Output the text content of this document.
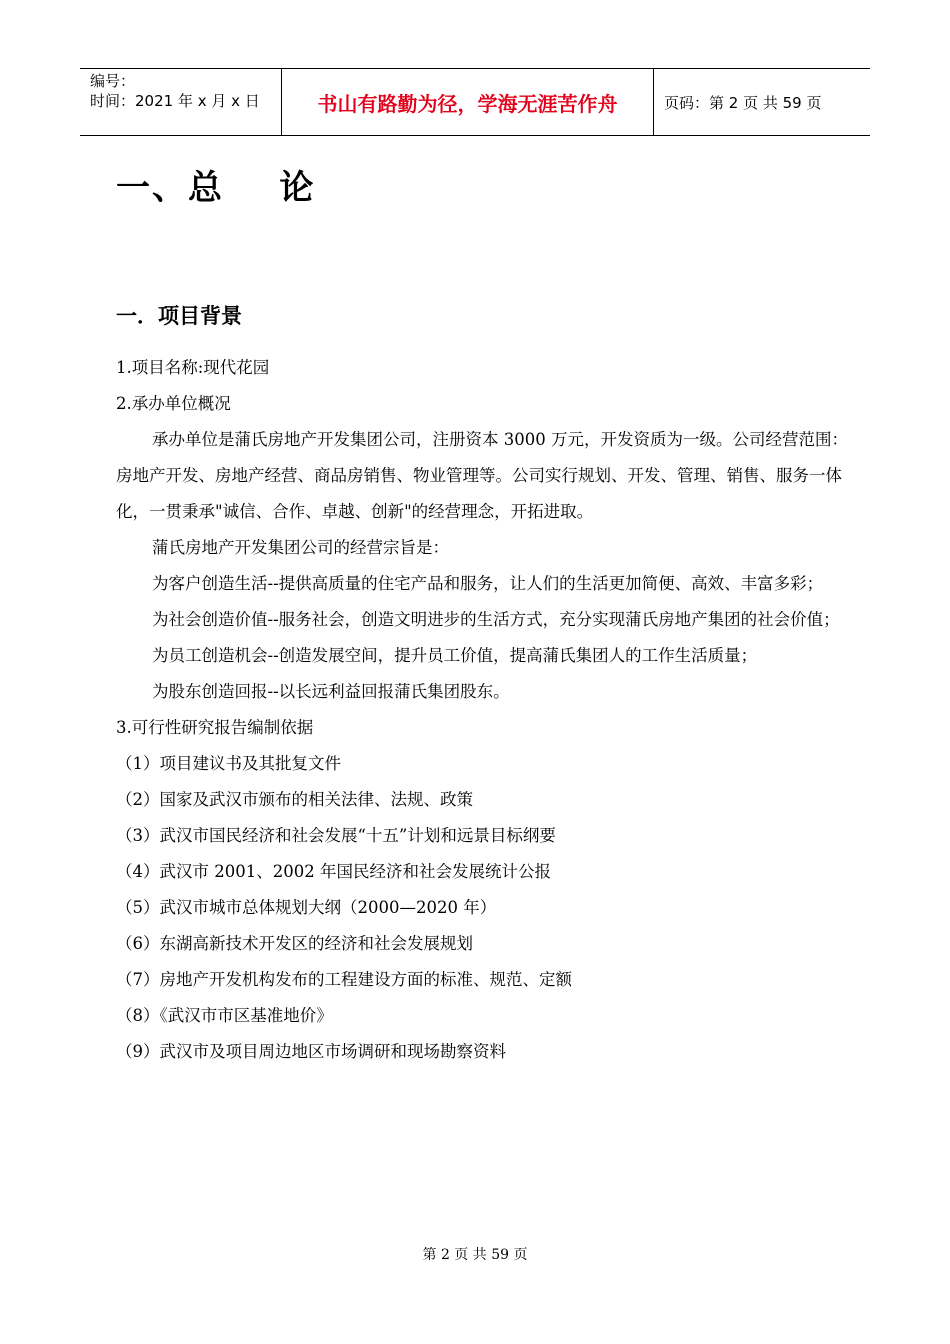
编号：
时间：2021 年 x 月 x 日	书山有路勤为径，学海无涯苦作舟	页码：第 2 页 共 59 页
一、总    论
一．项目背景

1.项目名称:现代花园

2.承办单位概况

承办单位是蒲氏房地产开发集团公司，注册资本 3000 万元，开发资质为一级。公司经营范围：房地产开发、房地产经营、商品房销售、物业管理等。公司实行规划、开发、管理、销售、服务一体化，一贯秉承"诚信、合作、卓越、创新"的经营理念，开拓进取。

蒲氏房地产开发集团公司的经营宗旨是：

为客户创造生活--提供高质量的住宅产品和服务，让人们的生活更加简便、高效、丰富多彩；

为社会创造价值--服务社会，创造文明进步的生活方式，充分实现蒲氏房地产集团的社会价值；

为员工创造机会--创造发展空间，提升员工价值，提高蒲氏集团人的工作生活质量；

为股东创造回报--以长远利益回报蒲氏集团股东。

3.可行性研究报告编制依据

（1）项目建议书及其批复文件

（2）国家及武汉市颁布的相关法律、法规、政策

（3）武汉市国民经济和社会发展“十五”计划和远景目标纲要

（4）武汉市 2001、2002 年国民经济和社会发展统计公报

（5）武汉市城市总体规划大纲（2000—2020 年）

（6）东湖高新技术开发区的经济和社会发展规划

（7）房地产开发机构发布的工程建设方面的标准、规范、定额

（8）《武汉市市区基准地价》

（9）武汉市及项目周边地区市场调研和现场勘察资料

第 2 页 共 59 页
